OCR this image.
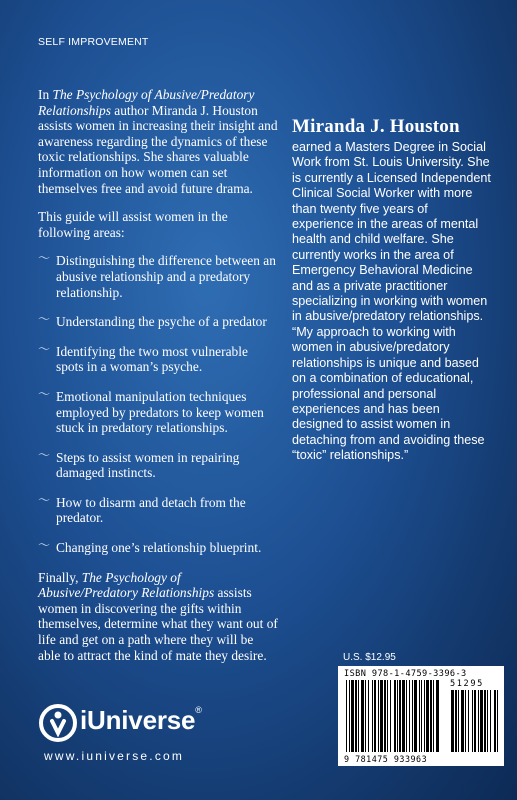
SELF IMPROVEMENT

In The Psychology of Abusive/Predatory Relationships author Miranda J. Houston assists women in increasing their insight and awareness regarding the dynamics of these toxic relationships. She shares valuable information on how women can set themselves free and avoid future drama.

This guide will assist women in the following areas:

〜 Distinguishing the difference between an abusive relationship and a predatory relationship.
〜 Understanding the psyche of a predator
〜 Identifying the two most vulnerable spots in a woman’s psyche.
〜 Emotional manipulation techniques employed by predators to keep women stuck in predatory relationships.
〜 Steps to assist women in repairing damaged instincts.
〜 How to disarm and detach from the predator.
〜 Changing one’s relationship blueprint.

Finally, The Psychology of Abusive/Predatory Relationships assists women in discovering the gifts within themselves, determine what they want out of life and get on a path where they will be able to attract the kind of mate they desire.

Miranda J. Houston
earned a Masters Degree in Social Work from St. Louis University. She is currently a Licensed Independent Clinical Social Worker with more than twenty five years of experience in the areas of mental health and child welfare. She currently works in the area of Emergency Behavioral Medicine and as a private practitioner specializing in working with women in abusive/predatory relationships. “My approach to working with women in abusive/predatory relationships is unique and based on a combination of educational, professional and personal experiences and has been designed to assist women in detaching from and avoiding these “toxic” relationships.”
U.S. $12.95
ISBN 978-1-4759-3396-3
51295
9 781475 933963
iUniverse®
www.iuniverse.com
